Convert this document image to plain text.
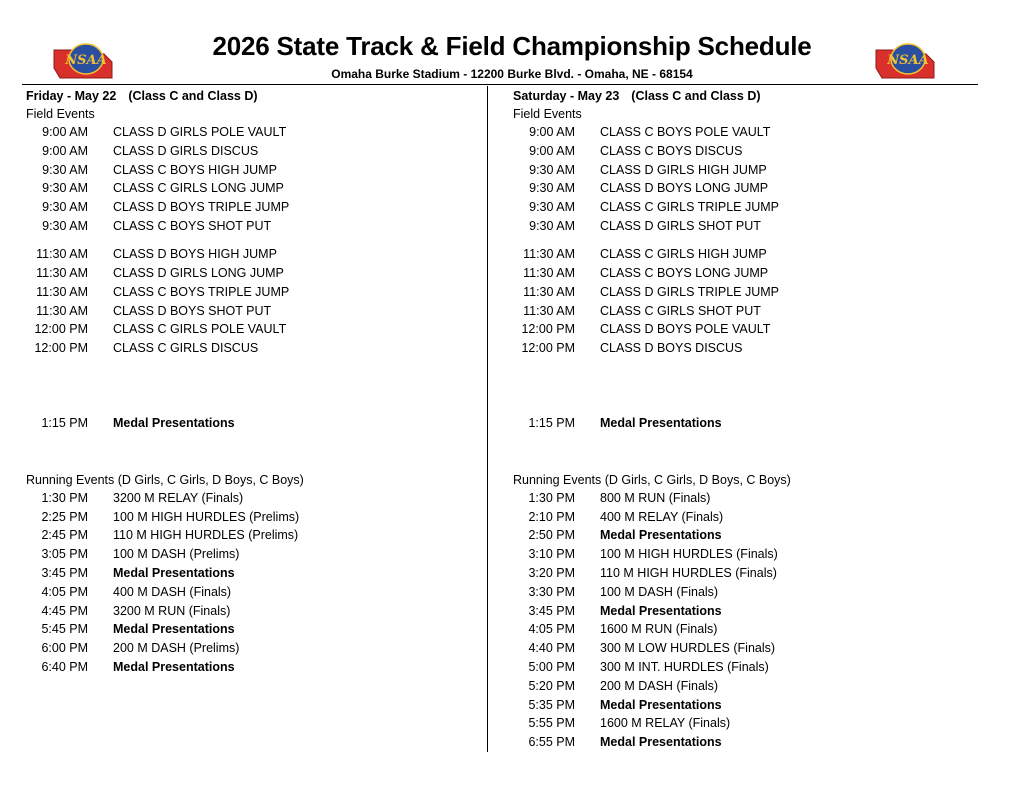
NSAA	NSAA
2026 State Track & Field Championship Schedule
Omaha Burke Stadium - 12200 Burke Blvd. - Omaha, NE - 68154
Friday - May 22 (Class C and Class D)
Field Events
9:00 AM CLASS D GIRLS POLE VAULT
9:00 AM CLASS D GIRLS DISCUS
9:30 AM CLASS C BOYS HIGH JUMP
9:30 AM CLASS C GIRLS LONG JUMP
9:30 AM CLASS D BOYS TRIPLE JUMP
9:30 AM CLASS C BOYS SHOT PUT
11:30 AM CLASS D BOYS HIGH JUMP
11:30 AM CLASS D GIRLS LONG JUMP
11:30 AM CLASS C BOYS TRIPLE JUMP
11:30 AM CLASS D BOYS SHOT PUT
12:00 PM CLASS C GIRLS POLE VAULT
12:00 PM CLASS C GIRLS DISCUS
1:15 PM Medal Presentations
Running Events (D Girls, C Girls, D Boys, C Boys)
1:30 PM 3200 M RELAY (Finals)
2:25 PM 100 M HIGH HURDLES (Prelims)
2:45 PM 110 M HIGH HURDLES (Prelims)
3:05 PM 100 M DASH (Prelims)
3:45 PM Medal Presentations
4:05 PM 400 M DASH (Finals)
4:45 PM 3200 M RUN (Finals)
5:45 PM Medal Presentations
6:00 PM 200 M DASH (Prelims)
6:40 PM Medal Presentations
Saturday - May 23 (Class C and Class D)
Field Events
9:00 AM CLASS C BOYS POLE VAULT
9:00 AM CLASS C BOYS DISCUS
9:30 AM CLASS D GIRLS HIGH JUMP
9:30 AM CLASS D BOYS LONG JUMP
9:30 AM CLASS C GIRLS TRIPLE JUMP
9:30 AM CLASS D GIRLS SHOT PUT
11:30 AM CLASS C GIRLS HIGH JUMP
11:30 AM CLASS C BOYS LONG JUMP
11:30 AM CLASS D GIRLS TRIPLE JUMP
11:30 AM CLASS C GIRLS SHOT PUT
12:00 PM CLASS D BOYS POLE VAULT
12:00 PM CLASS D BOYS DISCUS
1:15 PM Medal Presentations
Running Events (D Girls, C Girls, D Boys, C Boys)
1:30 PM 800 M RUN (Finals)
2:10 PM 400 M RELAY (Finals)
2:50 PM Medal Presentations
3:10 PM 100 M HIGH HURDLES (Finals)
3:20 PM 110 M HIGH HURDLES (Finals)
3:30 PM 100 M DASH (Finals)
3:45 PM Medal Presentations
4:05 PM 1600 M RUN (Finals)
4:40 PM 300 M LOW HURDLES (Finals)
5:00 PM 300 M INT. HURDLES (Finals)
5:20 PM 200 M DASH (Finals)
5:35 PM Medal Presentations
5:55 PM 1600 M RELAY (Finals)
6:55 PM Medal Presentations
